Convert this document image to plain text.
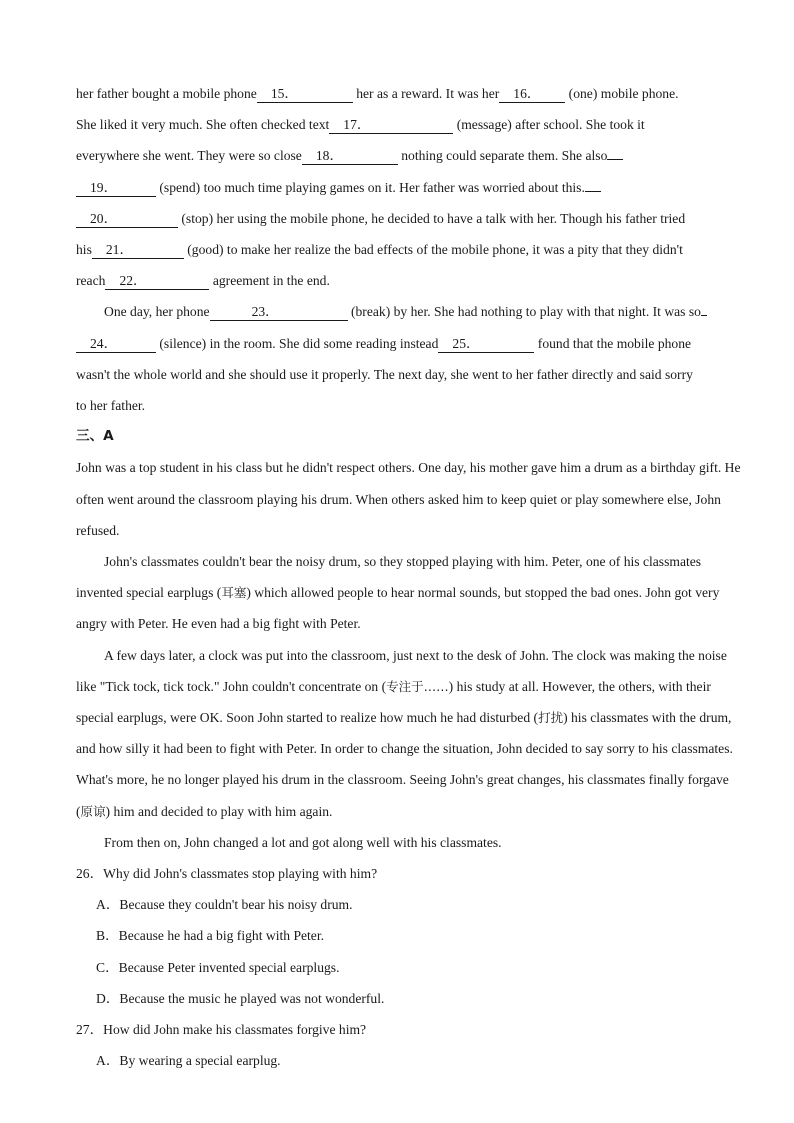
her father bought a mobile phone 15．	her as a reward. It was her 16． (one) mobile phone.

She liked it very much. She often checked text 17．	(message) after school. She took it

everywhere she went. They were so close 18．	nothing could separate them. She also

19．	(spend) too much time playing games on it. Her father was worried about this.

20．	(stop) her using the mobile phone, he decided to have a talk with her. Though his father tried

his 21．	(good) to make her realize the bad effects of the mobile phone, it was a pity that they didn't

reach 22．	agreement in the end.

One day, her phone	23．	(break) by her. She had nothing to play with that night. It was so

24．	(silence) in the room. She did some reading instead 25．	found that the mobile phone

wasn't the whole world and she should use it properly. The next day, she went to her father directly and said sorry

to her father.

三、A

John was a top student in his class but he didn't respect others. One day, his mother gave him a drum as a birthday gift. He often went around the classroom playing his drum. When others asked him to keep quiet or play somewhere else, John refused.

John's classmates couldn't bear the noisy drum, so they stopped playing with him. Peter, one of his classmates invented special earplugs (耳塞) which allowed people to hear normal sounds, but stopped the bad ones. John got very angry with Peter. He even had a big fight with Peter.

A few days later, a clock was put into the classroom, just next to the desk of John. The clock was making the noise like "Tick tock, tick tock." John couldn't concentrate on (专注于……) his study at all. However, the others, with their special earplugs, were OK. Soon John started to realize how much he had disturbed (打扰) his classmates with the drum, and how silly it had been to fight with Peter. In order to change the situation, John decided to say sorry to his classmates. What's more, he no longer played his drum in the classroom. Seeing John's great changes, his classmates finally forgave (原谅) him and decided to play with him again.

From then on, John changed a lot and got along well with his classmates.

26．Why did John's classmates stop playing with him?

A．Because they couldn't bear his noisy drum.

B．Because he had a big fight with Peter.

C．Because Peter invented special earplugs.

D．Because the music he played was not wonderful.

27．How did John make his classmates forgive him?

A．By wearing a special earplug.
